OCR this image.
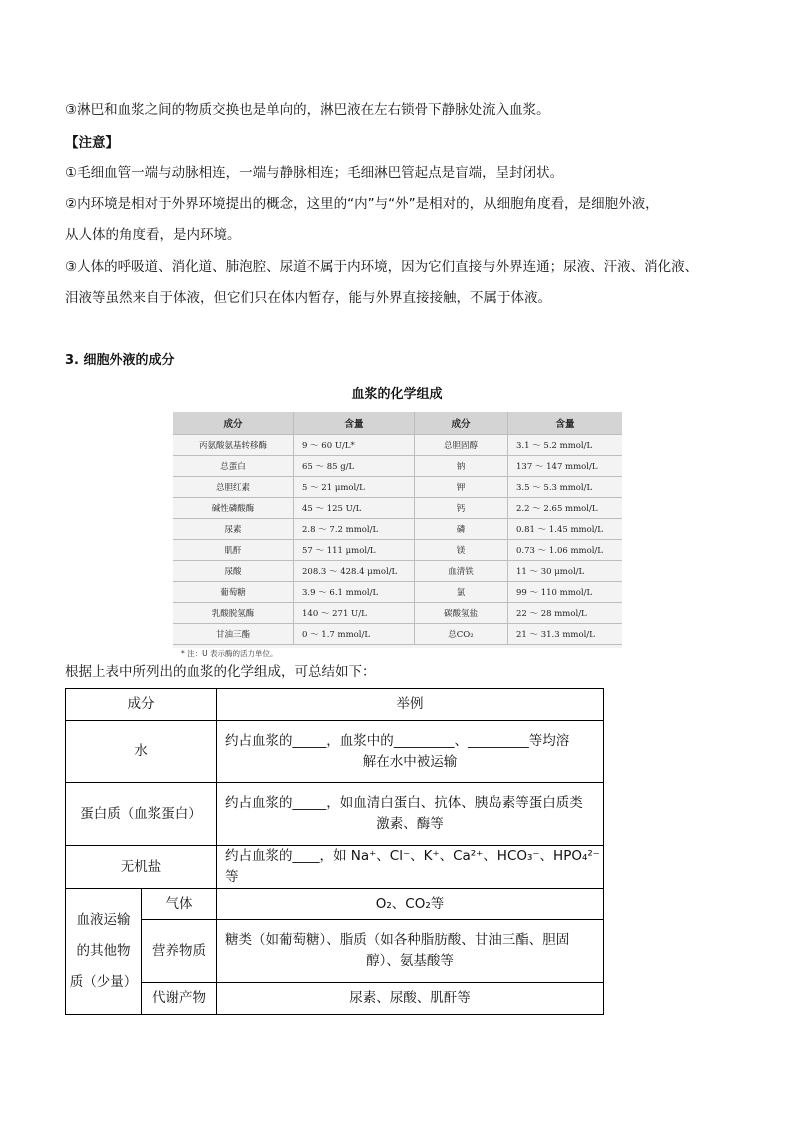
③淋巴和血浆之间的物质交换也是单向的，淋巴液在左右锁骨下静脉处流入血浆。
【注意】
①毛细血管一端与动脉相连，一端与静脉相连；毛细淋巴管起点是盲端，呈封闭状。
②内环境是相对于外界环境提出的概念，这里的“内”与“外”是相对的，从细胞角度看，是细胞外液，
从人体的角度看，是内环境。
③人体的呼吸道、消化道、肺泡腔、尿道不属于内环境，因为它们直接与外界连通；尿液、汗液、消化液、
泪液等虽然来自于体液，但它们只在体内暂存，能与外界直接接触，不属于体液。
3. 细胞外液的成分
血浆的化学组成
成分	含量	成分	含量
丙氨酸氨基转移酶	9 ～ 60 U/L*	总胆固醇	3.1 ～ 5.2 mmol/L
总蛋白	65 ～ 85 g/L	钠	137 ～ 147 mmol/L
总胆红素	5 ～ 21 μmol/L	钾	3.5 ～ 5.3 mmol/L
碱性磷酸酶	45 ～ 125 U/L	钙	2.2 ～ 2.65 mmol/L
尿素	2.8 ～ 7.2 mmol/L	磷	0.81 ～ 1.45 mmol/L
肌酐	57 ～ 111 μmol/L	镁	0.73 ～ 1.06 mmol/L
尿酸	208.3 ～ 428.4 μmol/L	血清铁	11 ～ 30 μmol/L
葡萄糖	3.9 ～ 6.1 mmol/L	氯	99 ～ 110 mmol/L
乳酸脱氢酶	140 ～ 271 U/L	碳酸氢盐	22 ～ 28 mmol/L
甘油三酯	0 ～ 1.7 mmol/L	总CO₂	21 ～ 31.3 mmol/L
* 注：U 表示酶的活力单位。
根据上表中所列出的血浆的化学组成，可总结如下：
成分		举例
水		约占血浆的_____，血浆中的_________、_________等均溶
解在水中被运输

蛋白质（血浆蛋白）		约占血浆的_____，如血清白蛋白、抗体、胰岛素等蛋白质类
激素、酶等

无机盐		约占血浆的____，如 Na⁺、Cl⁻、K⁺、Ca²⁺、HCO₃⁻、HPO₄²⁻等

血液运输
的其他物
质（少量）	气体	O₂、CO₂等
	营养物质	糖类（如葡萄糖）、脂质（如各种脂肪酸、甘油三酯、胆固
醇）、氨基酸等

	代谢产物	尿素、尿酸、肌酐等
